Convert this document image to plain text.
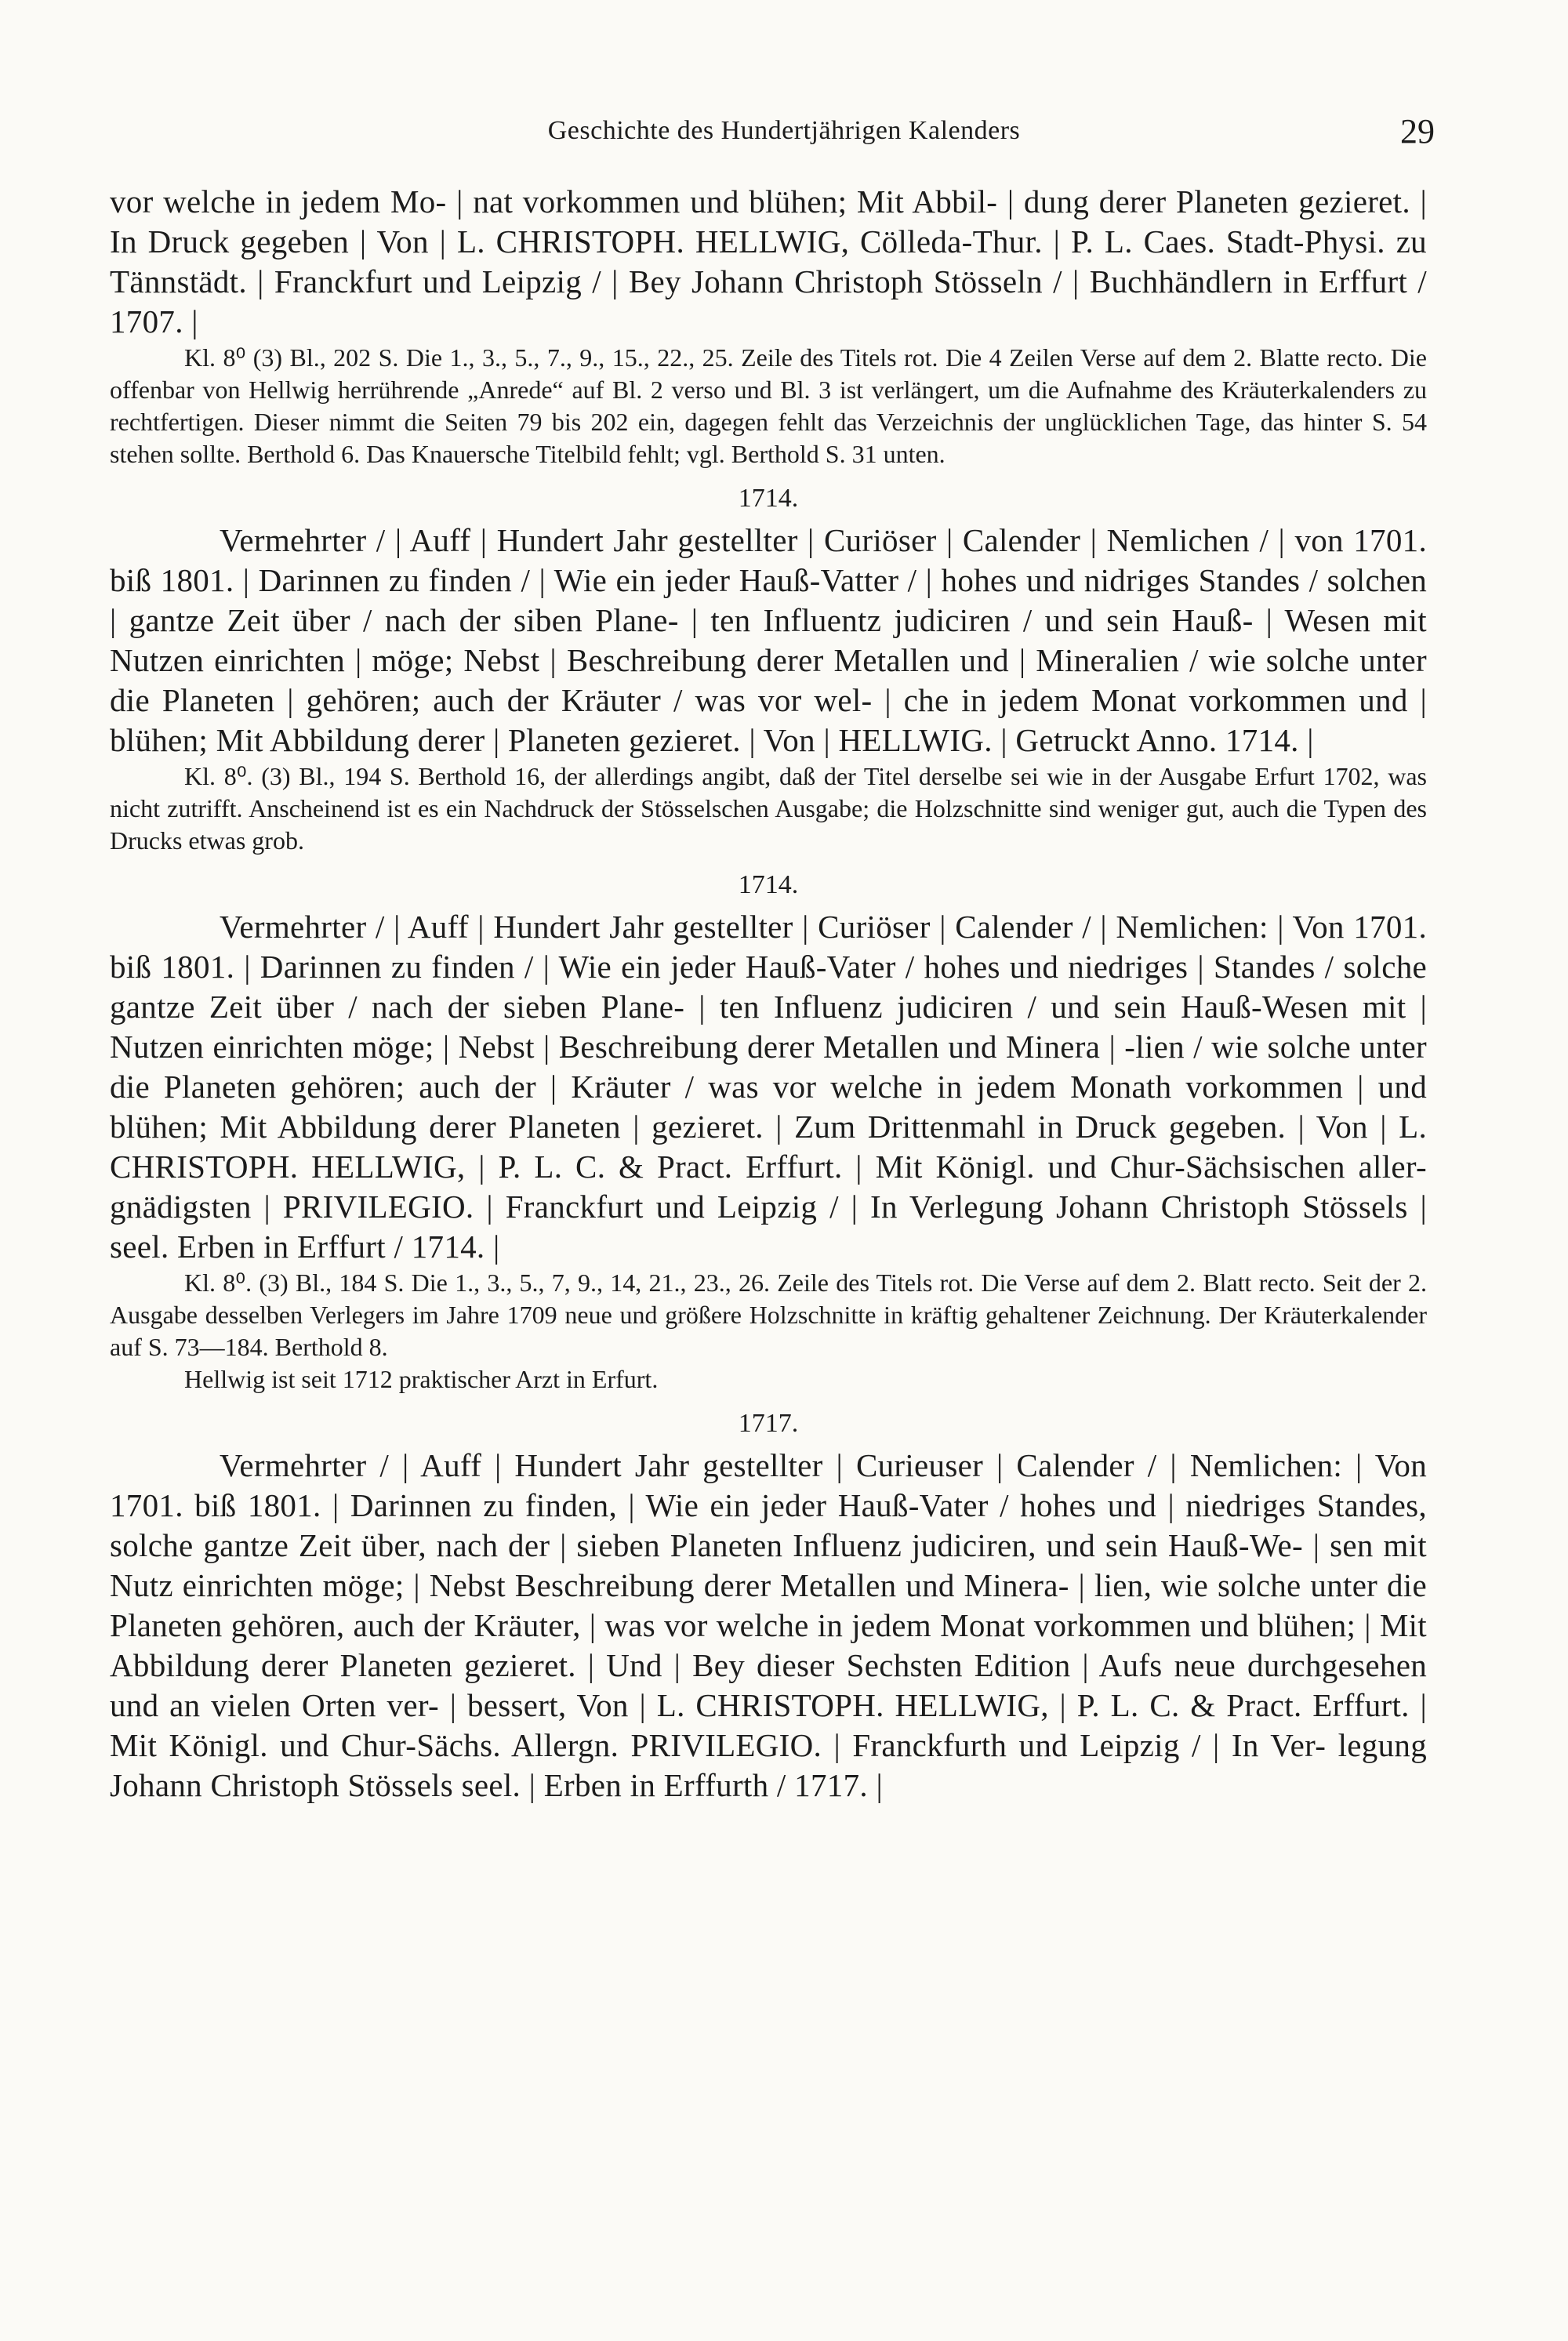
Geschichte des Hundertjährigen Kalenders	29

vor welche in jedem Mo- | nat vorkommen und blühen; Mit Abbil- | dung derer Planeten gezieret. | In Druck gegeben | Von | L. CHRISTOPH. HELLWIG, Cölleda-Thur. | P. L. Caes. Stadt-Physi. zu Tännstädt. | Franckfurt und Leipzig / | Bey Johann Christoph Stösseln / | Buchhändlern in Erffurt / 1707. |

Kl. 8⁰ (3) Bl., 202 S. Die 1., 3., 5., 7., 9., 15., 22., 25. Zeile des Titels rot. Die 4 Zeilen Verse auf dem 2. Blatte recto. Die offenbar von Hellwig herrührende „Anrede“ auf Bl. 2 verso und Bl. 3 ist verlängert, um die Aufnahme des Kräuterkalenders zu rechtfertigen. Dieser nimmt die Seiten 79 bis 202 ein, dagegen fehlt das Verzeichnis der unglücklichen Tage, das hinter S. 54 stehen sollte. Berthold 6. Das Knauersche Titelbild fehlt; vgl. Berthold S. 31 unten.

1714.

Vermehrter / | Auff | Hundert Jahr gestellter | Curiöser | Calender | Nemlichen / | von 1701. biß 1801. | Darinnen zu finden / | Wie ein jeder Hauß-Vatter / | hohes und nidriges Standes / solchen | gantze Zeit über / nach der siben Plane- | ten Influentz judiciren / und sein Hauß- | Wesen mit Nutzen einrichten | möge; Nebst | Beschreibung derer Metallen und | Mineralien / wie solche unter die Planeten | gehören; auch der Kräuter / was vor wel- | che in jedem Monat vorkommen und | blühen; Mit Abbildung derer | Planeten gezieret. | Von | HELLWIG. | Getruckt Anno. 1714. |

Kl. 8⁰. (3) Bl., 194 S. Berthold 16, der allerdings angibt, daß der Titel derselbe sei wie in der Ausgabe Erfurt 1702, was nicht zutrifft. Anscheinend ist es ein Nachdruck der Stösselschen Ausgabe; die Holzschnitte sind weniger gut, auch die Typen des Drucks etwas grob.

1714.

Vermehrter / | Auff | Hundert Jahr gestellter | Curiöser | Calender / | Nemlichen: | Von 1701. biß 1801. | Darinnen zu finden / | Wie ein jeder Hauß-Vater / hohes und niedriges | Standes / solche gantze Zeit über / nach der sieben Plane- | ten Influenz judiciren / und sein Hauß-Wesen mit | Nutzen einrichten möge; | Nebst | Beschreibung derer Metallen und Minera | -lien / wie solche unter die Planeten gehören; auch der | Kräuter / was vor welche in jedem Monath vorkommen | und blühen; Mit Abbildung derer Planeten | gezieret. | Zum Drittenmahl in Druck gegeben. | Von | L. CHRISTOPH. HELLWIG, | P. L. C. & Pract. Erffurt. | Mit Königl. und Chur-Sächsischen aller- gnädigsten | PRIVILEGIO. | Franckfurt und Leipzig / | In Verlegung Johann Christoph Stössels | seel. Erben in Erffurt / 1714. |

Kl. 8⁰. (3) Bl., 184 S. Die 1., 3., 5., 7, 9., 14, 21., 23., 26. Zeile des Titels rot. Die Verse auf dem 2. Blatt recto. Seit der 2. Ausgabe desselben Verlegers im Jahre 1709 neue und größere Holzschnitte in kräftig gehaltener Zeichnung. Der Kräuterkalender auf S. 73—184. Berthold 8.

Hellwig ist seit 1712 praktischer Arzt in Erfurt.

1717.

Vermehrter / | Auff | Hundert Jahr gestellter | Curieuser | Calender / | Nemlichen: | Von 1701. biß 1801. | Darinnen zu finden, | Wie ein jeder Hauß-Vater / hohes und | niedriges Standes, solche gantze Zeit über, nach der | sieben Planeten Influenz judiciren, und sein Hauß-We- | sen mit Nutz einrichten möge; | Nebst Beschreibung derer Metallen und Minera- | lien, wie solche unter die Planeten gehören, auch der Kräuter, | was vor welche in jedem Monat vorkommen und blühen; | Mit Abbildung derer Planeten gezieret. | Und | Bey dieser Sechsten Edition | Aufs neue durchgesehen und an vielen Orten ver- | bessert, Von | L. CHRISTOPH. HELLWIG, | P. L. C. & Pract. Erffurt. | Mit Königl. und Chur-Sächs. Allergn. PRIVILEGIO. | Franckfurth und Leipzig / | In Ver- legung Johann Christoph Stössels seel. | Erben in Erffurth / 1717. |
